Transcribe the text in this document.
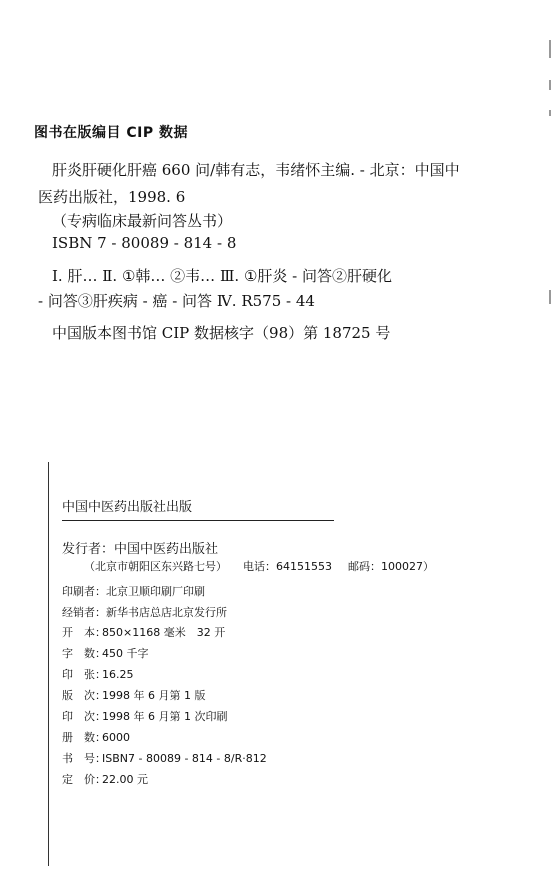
图书在版编目 CIP 数据
肝炎肝硬化肝癌 660 问/韩有志，韦绪怀主编. - 北京：中国中
医药出版社，1998. 6
（专病临床最新问答丛书）
ISBN 7 - 80089 - 814 - 8
Ⅰ. 肝… Ⅱ. ①韩… ②韦… Ⅲ. ①肝炎 - 问答②肝硬化
- 问答③肝疾病 - 癌 - 问答 Ⅳ. R575 - 44
中国版本图书馆 CIP 数据核字（98）第 18725 号
中国中医药出版社出版
发行者：中国中医药出版社
（北京市朝阳区东兴路七号） 电话：64151553 邮码：100027）
印刷者：北京卫顺印刷厂印刷
经销者：新华书店总店北京发行所
开　本：850×1168 毫米　32 开
字　数：450 千字
印　张：16.25
版　次：1998 年 6 月第 1 版
印　次：1998 年 6 月第 1 次印刷
册　数：6000
书　号：ISBN7 - 80089 - 814 - 8/R·812
定　价：22.00 元
